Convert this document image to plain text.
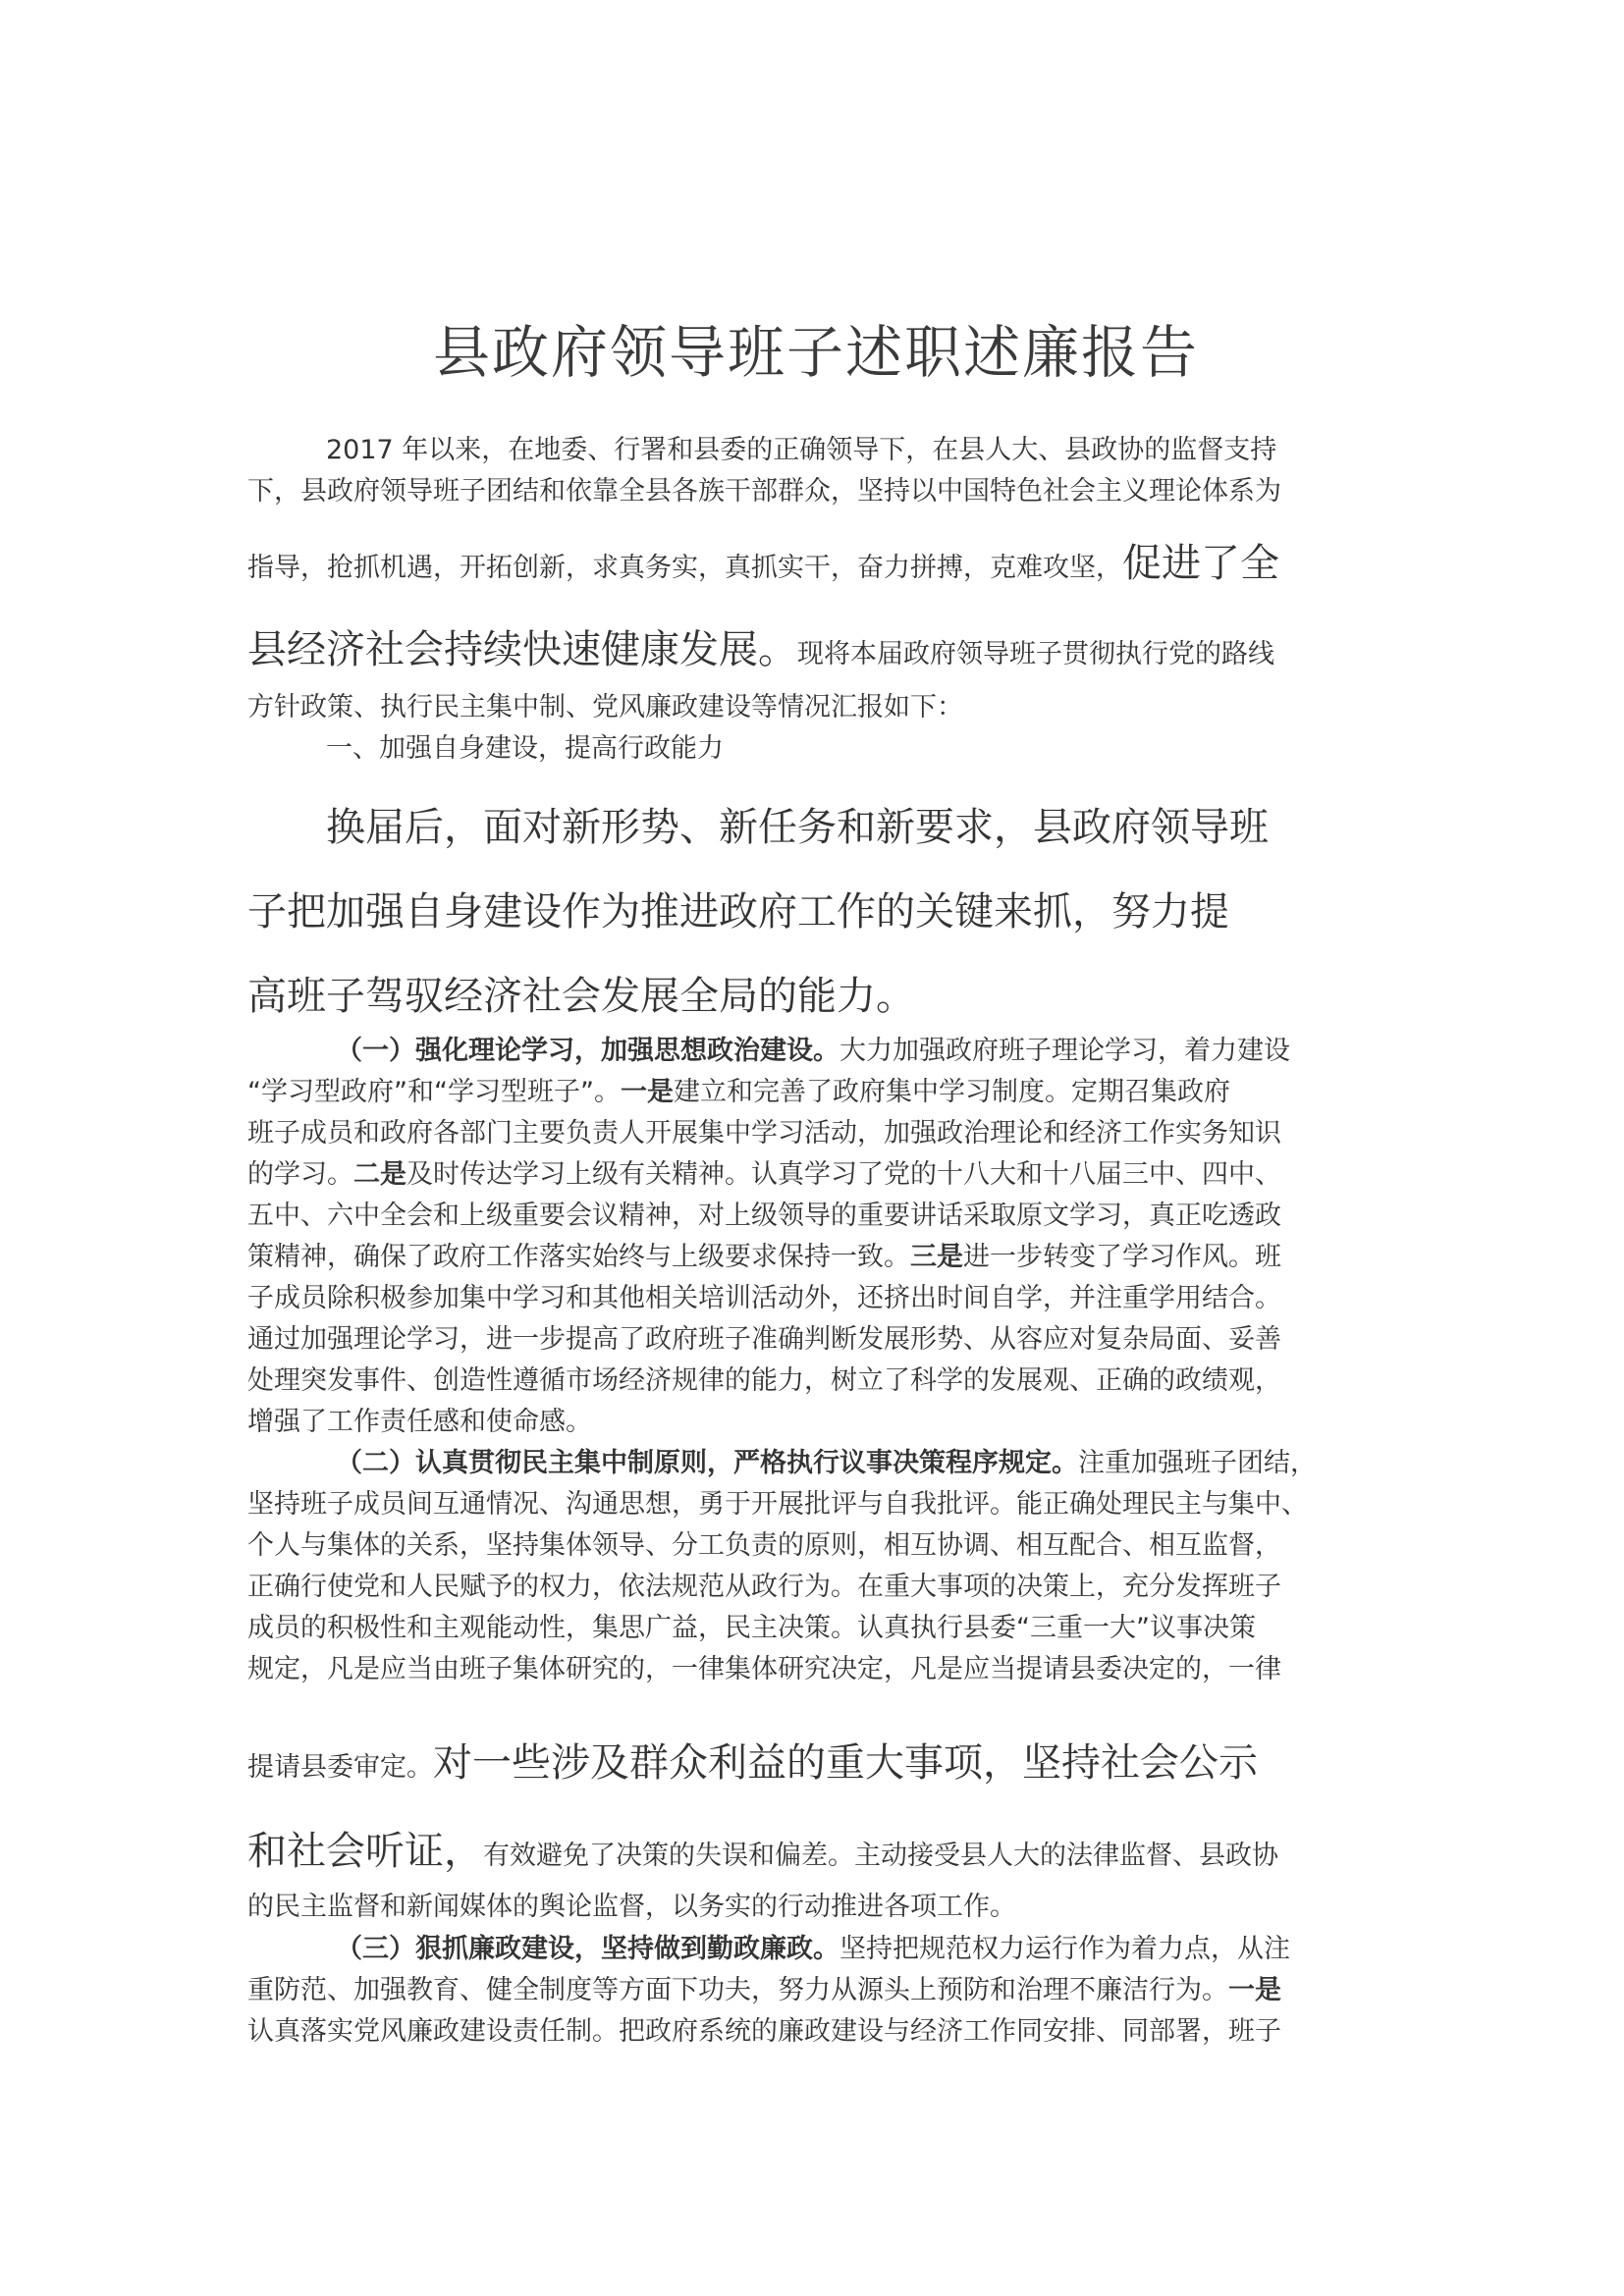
县政府领导班子述职述廉报告
2017 年以来，在地委、行署和县委的正确领导下，在县人大、县政协的监督支持
下，县政府领导班子团结和依靠全县各族干部群众，坚持以中国特色社会主义理论体系为
指导，抢抓机遇，开拓创新，求真务实，真抓实干，奋力拼搏，克难攻坚，促进了全
县经济社会持续快速健康发展。现将本届政府领导班子贯彻执行党的路线
方针政策、执行民主集中制、党风廉政建设等情况汇报如下：
一、加强自身建设，提高行政能力
换届后，面对新形势、新任务和新要求，县政府领导班
子把加强自身建设作为推进政府工作的关键来抓，努力提
高班子驾驭经济社会发展全局的能力。
（一）强化理论学习，加强思想政治建设。大力加强政府班子理论学习，着力建设
“学习型政府”和“学习型班子”。一是建立和完善了政府集中学习制度。定期召集政府
班子成员和政府各部门主要负责人开展集中学习活动，加强政治理论和经济工作实务知识
的学习。二是及时传达学习上级有关精神。认真学习了党的十八大和十八届三中、四中、
五中、六中全会和上级重要会议精神，对上级领导的重要讲话采取原文学习，真正吃透政
策精神，确保了政府工作落实始终与上级要求保持一致。三是进一步转变了学习作风。班
子成员除积极参加集中学习和其他相关培训活动外，还挤出时间自学，并注重学用结合。
通过加强理论学习，进一步提高了政府班子准确判断发展形势、从容应对复杂局面、妥善
处理突发事件、创造性遵循市场经济规律的能力，树立了科学的发展观、正确的政绩观，
增强了工作责任感和使命感。
（二）认真贯彻民主集中制原则，严格执行议事决策程序规定。注重加强班子团结，
坚持班子成员间互通情况、沟通思想，勇于开展批评与自我批评。能正确处理民主与集中、
个人与集体的关系，坚持集体领导、分工负责的原则，相互协调、相互配合、相互监督，
正确行使党和人民赋予的权力，依法规范从政行为。在重大事项的决策上，充分发挥班子
成员的积极性和主观能动性，集思广益，民主决策。认真执行县委“三重一大”议事决策
规定，凡是应当由班子集体研究的，一律集体研究决定，凡是应当提请县委决定的，一律
提请县委审定。对一些涉及群众利益的重大事项，坚持社会公示
和社会听证，有效避免了决策的失误和偏差。主动接受县人大的法律监督、县政协
的民主监督和新闻媒体的舆论监督，以务实的行动推进各项工作。
（三）狠抓廉政建设，坚持做到勤政廉政。坚持把规范权力运行作为着力点，从注
重防范、加强教育、健全制度等方面下功夫，努力从源头上预防和治理不廉洁行为。一是
认真落实党风廉政建设责任制。把政府系统的廉政建设与经济工作同安排、同部署，班子
